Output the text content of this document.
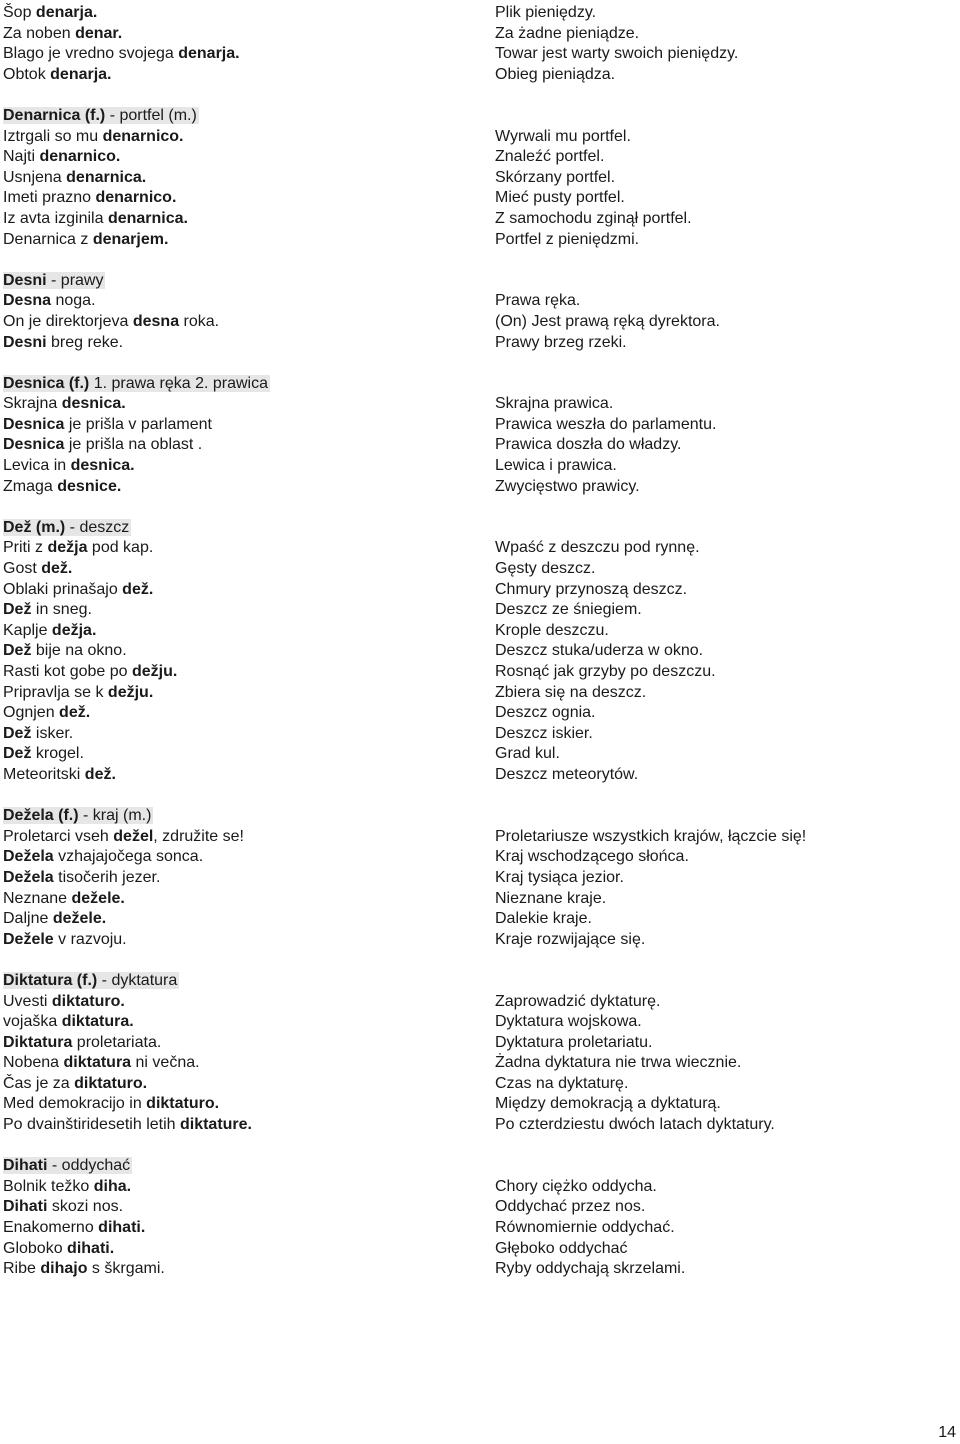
Šop denarja.
Za noben denar.
Blago je vredno svojega denarja.
Obtok denarja.
Plik pieniędzy.
Za żadne pieniądze.
Towar jest warty swoich pieniędzy.
Obieg pieniądza.
Denarnica (f.) - portfel (m.)
Iztrgali so mu denarnico.
Najti denarnico.
Usnjena denarnica.
Imeti prazno denarnico.
Iz avta izginila denarnica.
Denarnica z denarjem.
Wyrwali mu portfel.
Znaleźć portfel.
Skórzany portfel.
Mieć pusty portfel.
Z samochodu zginął portfel.
Portfel z pieniędzmi.
Desni - prawy
Desna noga.
On je direktorjeva desna roka.
Desni breg reke.
Prawa ręka.
(On) Jest prawą ręką dyrektora.
Prawy brzeg rzeki.
Desnica (f.) 1. prawa ręka 2. prawica
Skrajna desnica.
Desnica je prišla v parlament
Desnica je prišla na oblast .
Levica in desnica.
Zmaga desnice.
Skrajna prawica.
Prawica weszła do parlamentu.
Prawica doszła do władzy.
Lewica i prawica.
Zwycięstwo prawicy.
Dež (m.) - deszcz
Priti z dežja pod kap.
Gost dež.
Oblaki prinašajo dež.
Dež in sneg.
Kaplje dežja.
Dež bije na okno.
Rasti kot gobe po dežju.
Pripravlja se k dežju.
Ognjen dež.
Dež isker.
Dež krogel.
Meteoritski dež.
Wpaść z deszczu pod rynnę.
Gęsty deszcz.
Chmury przynoszą deszcz.
Deszcz ze śniegiem.
Krople deszczu.
Deszcz stuka/uderza w okno.
Rosnąć jak grzyby po deszczu.
Zbiera się na deszcz.
Deszcz ognia.
Deszcz iskier.
Grad kul.
Deszcz meteorytów.
Dežela (f.) - kraj (m.)
Proletarci vseh dežel, združite se!
Dežela vzhajajočega sonca.
Dežela tisočerih jezer.
Neznane dežele.
Daljne dežele.
Dežele v razvoju.
Proletariusze wszystkich krajów, łączcie się!
Kraj wschodzącego słońca.
Kraj tysiąca jezior.
Nieznane kraje.
Dalekie kraje.
Kraje rozwijające się.
Diktatura (f.) - dyktatura
Uvesti diktaturo.
vojaška diktatura.
Diktatura proletariata.
Nobena diktatura ni večna.
Čas je za diktaturo.
Med demokracijo in diktaturo.
Po dvainštiridesetih letih diktature.
Zaprowadzić dyktaturę.
Dyktatura wojskowa.
Dyktatura proletariatu.
Żadna dyktatura nie trwa wiecznie.
Czas na dyktaturę.
Między demokracją a dyktaturą.
Po czterdziestu dwóch latach dyktatury.
Dihati - oddychać
Bolnik težko diha.
Dihati skozi nos.
Enakomerno dihati.
Globoko dihati.
Ribe dihajo s škrgami.
Chory ciężko oddycha.
Oddychać przez nos.
Równomiernie oddychać.
Głęboko oddychać
Ryby oddychają skrzelami.
14
